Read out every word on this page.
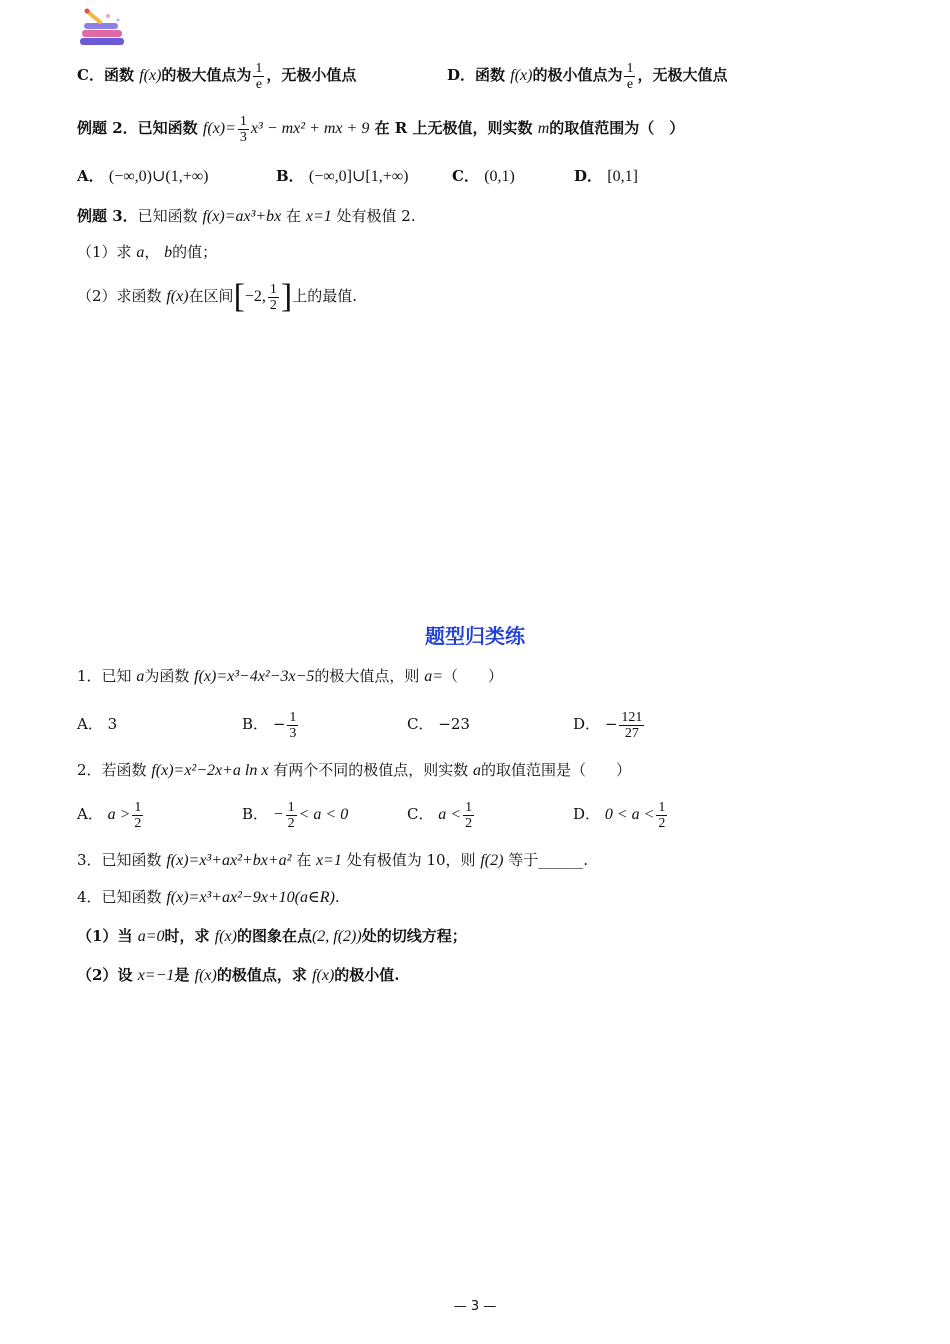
C．函数 f(x)的极大值点为 $\frac{1}{e}$ ，无极小值点	D．函数 f(x)的极小值点为 $\frac{1}{e}$ ，无极大值点
例题 2．已知函数 $f(x)= \frac{1}{3} x^3 - mx^2$ + mx + 9 在 R 上无极值，则实数 m的取值范围为（　）
A． (−∞,0)∪(1,+∞)	B． (−∞,0]∪[1,+∞)	C． (0,1)	D． [0,1]
例题 3．已知函数 f(x)=ax³+bx 在 x=1 处有极值 2.
（1）求 a， b的值；
（2）求函数 f(x)在区间[−2, $\frac{1}{2}$ ]上的最值.
题型归类练
1．已知 a为函数 f(x)=x³−4x²−3x−5的极大值点，则 a=（　　）
A． 3	B． − $\frac{1}{3}$	C． −23	D． − $\frac{121}{27}$
2．若函数 f(x)=x²−2x+a ln x 有两个不同的极值点，则实数 a的取值范围是（　　）
A． $a > \frac{1}{2}$	B． − $\frac{1}{2} < a < 0$	C． $a < \frac{1}{2}$	D． $0 < a < \frac{1}{2}$
3．已知函数 f(x)=x³+ax²+bx+a² 在 x=1 处有极值为 10，则 f(2) 等于______.
4．已知函数 f(x)=x³+ax²−9x+10(a∈R).
（1）当 a=0时，求 f(x)的图象在点(2, f(2))处的切线方程；
（2）设 x=−1是 f(x)的极值点，求 f(x)的极小值.
— 3 —
